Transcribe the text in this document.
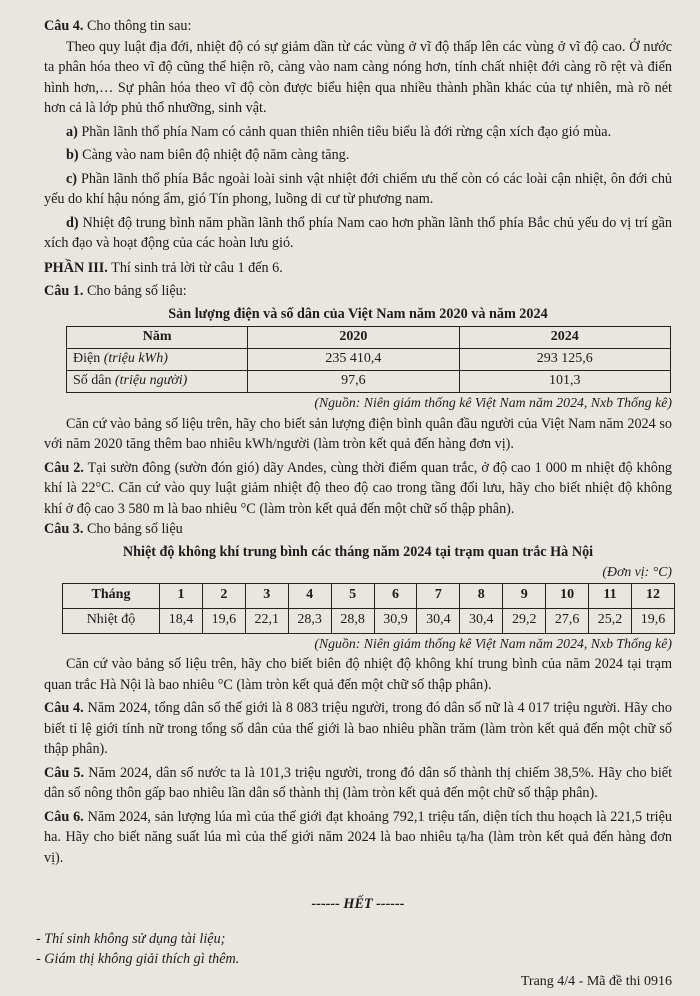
Câu 4. Cho thông tin sau:

Theo quy luật địa đới, nhiệt độ có sự giảm dần từ các vùng ở vĩ độ thấp lên các vùng ở vĩ độ cao. Ở nước ta phân hóa theo vĩ độ cũng thể hiện rõ, càng vào nam càng nóng hơn, tính chất nhiệt đới càng rõ rệt và điển hình hơn,… Sự phân hóa theo vĩ độ còn được biểu hiện qua nhiều thành phần khác của tự nhiên, mà rõ nét hơn cả là lớp phủ thổ nhưỡng, sinh vật.

a) Phần lãnh thổ phía Nam có cảnh quan thiên nhiên tiêu biểu là đới rừng cận xích đạo gió mùa.

b) Càng vào nam biên độ nhiệt độ năm càng tăng.

c) Phần lãnh thổ phía Bắc ngoài loài sinh vật nhiệt đới chiếm ưu thế còn có các loài cận nhiệt, ôn đới chủ yếu do khí hậu nóng ẩm, gió Tín phong, luồng di cư từ phương nam.

d) Nhiệt độ trung bình năm phần lãnh thổ phía Nam cao hơn phần lãnh thổ phía Bắc chủ yếu do vị trí gần xích đạo và hoạt động của các hoàn lưu gió.

PHẦN III. Thí sinh trả lời từ câu 1 đến 6.

Câu 1. Cho bảng số liệu:

Sản lượng điện và số dân của Việt Nam năm 2020 và năm 2024

Năm	2020	2024
Điện (triệu kWh)	235 410,4	293 125,6
Số dân (triệu người)	97,6	101,3

(Nguồn: Niên giám thống kê Việt Nam năm 2024, Nxb Thống kê)

Căn cứ vào bảng số liệu trên, hãy cho biết sản lượng điện bình quân đầu người của Việt Nam năm 2024 so với năm 2020 tăng thêm bao nhiêu kWh/người (làm tròn kết quả đến hàng đơn vị).

Câu 2. Tại sườn đông (sườn đón gió) dãy Andes, cùng thời điểm quan trắc, ở độ cao 1 000 m nhiệt độ không khí là 22°C. Căn cứ vào quy luật giảm nhiệt độ theo độ cao trong tầng đối lưu, hãy cho biết nhiệt độ không khí ở độ cao 3 580 m là bao nhiêu °C (làm tròn kết quả đến một chữ số thập phân).

Câu 3. Cho bảng số liệu

Nhiệt độ không khí trung bình các tháng năm 2024 tại trạm quan trắc Hà Nội

(Đơn vị: °C)

Tháng	1	2	3	4	5	6	7	8	9	10	11	12
Nhiệt độ	18,4	19,6	22,1	28,3	28,8	30,9	30,4	30,4	29,2	27,6	25,2	19,6

(Nguồn: Niên giám thống kê Việt Nam năm 2024, Nxb Thống kê)

Căn cứ vào bảng số liệu trên, hãy cho biết biên độ nhiệt độ không khí trung bình của năm 2024 tại trạm quan trắc Hà Nội là bao nhiêu °C (làm tròn kết quả đến một chữ số thập phân).

Câu 4. Năm 2024, tổng dân số thế giới là 8 083 triệu người, trong đó dân số nữ là 4 017 triệu người. Hãy cho biết tỉ lệ giới tính nữ trong tổng số dân của thế giới là bao nhiêu phần trăm (làm tròn kết quả đến một chữ số thập phân).

Câu 5. Năm 2024, dân số nước ta là 101,3 triệu người, trong đó dân số thành thị chiếm 38,5%. Hãy cho biết dân số nông thôn gấp bao nhiêu lần dân số thành thị (làm tròn kết quả đến một chữ số thập phân).

Câu 6. Năm 2024, sản lượng lúa mì của thế giới đạt khoảng 792,1 triệu tấn, diện tích thu hoạch là 221,5 triệu ha. Hãy cho biết năng suất lúa mì của thế giới năm 2024 là bao nhiêu tạ/ha (làm tròn kết quả đến hàng đơn vị).

------ HẾT ------

- Thí sinh không sử dụng tài liệu;

- Giám thị không giải thích gì thêm.

Trang 4/4 - Mã đề thi 0916
